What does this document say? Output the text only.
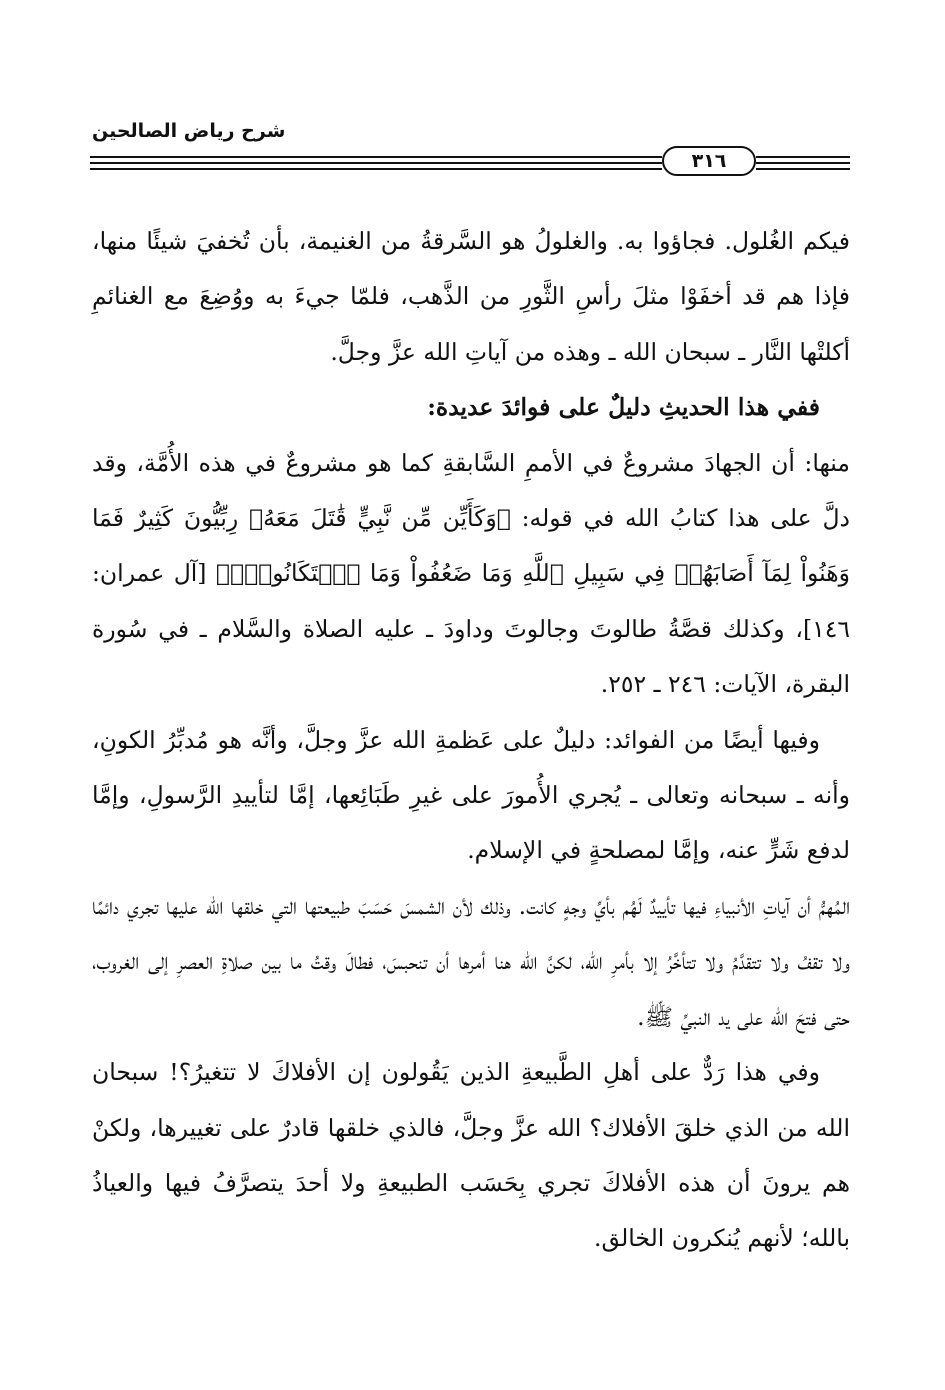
شرح رياض الصالحين
٣١٦

فيكم الغُلول. فجاؤوا به. والغلولُ هو السَّرقةُ من الغنيمة، بأن تُخفيَ شيئًا منها، فإذا هم قد أخفَوْا مثلَ رأسِ الثَّورِ من الذَّهب، فلمّا جيءَ به ووُضِعَ مع الغنائمِ أكلتْها النَّار ـ سبحان الله ـ وهذه من آياتِ الله عزَّ وجلَّ.

ففي هذا الحديثِ دليلٌ على فوائدَ عديدة:

منها: أن الجهادَ مشروعٌ في الأممِ السَّابقةِ كما هو مشروعٌ في هذه الأُمَّة، وقد دلَّ على هذا كتابُ الله في قوله: ﴿وَكَأَيِّن مِّن نَّبِيٍّ قَٰتَلَ مَعَهُۥ رِبِّيُّونَ كَثِيرٌ فَمَا وَهَنُواْ لِمَآ أَصَابَهُمۡ فِي سَبِيلِ ٱللَّهِ وَمَا ضَعُفُواْ وَمَا ٱسۡتَكَانُواْۗ﴾ [آل عمران: ١٤٦]، وكذلك قصَّةُ طالوتَ وجالوتَ وداودَ ـ عليه الصلاة والسَّلام ـ في سُورة البقرة، الآيات: ٢٤٦ ـ ٢٥٢.

وفيها أيضًا من الفوائد: دليلٌ على عَظمةِ الله عزَّ وجلَّ، وأنَّه هو مُدبِّرُ الكونِ، وأنه ـ سبحانه وتعالى ـ يُجري الأُمورَ على غيرِ طَبَائِعها، إمَّا لتأييدِ الرَّسولِ، وإمَّا لدفع شَرٍّ عنه، وإمَّا لمصلحةٍ في الإسلام.

المُهمُّ أن آياتِ الأنبياءِ فيها تأييدٌ لَهُم بأيِّ وجهٍ كانت. وذلك لأن الشمسَ حَسَبَ طبيعتها التي خلقها الله عليها تجري دائمًا ولا تقفُ ولا تتقدَّمُ ولا تتأخَّرُ إلا بأمرِ الله، لكنَّ الله هنا أمرها أن تنحبسَ، فطالَ وقتُ ما بين صلاةِ العصرِ إلى الغروب، حتى فتحَ الله على يد النبيِّ ﷺ.

وفي هذا رَدٌّ على أهلِ الطَّبيعةِ الذين يَقُولون إن الأفلاكَ لا تتغيرُ؟! سبحان الله من الذي خلقَ الأفلاك؟ الله عزَّ وجلَّ، فالذي خلقها قادرٌ على تغييرها، ولكنْ هم يرونَ أن هذه الأفلاكَ تجري بِحَسَب الطبيعةِ ولا أحدَ يتصرَّفُ فيها والعياذُ بالله؛ لأنهم يُنكرون الخالق.
